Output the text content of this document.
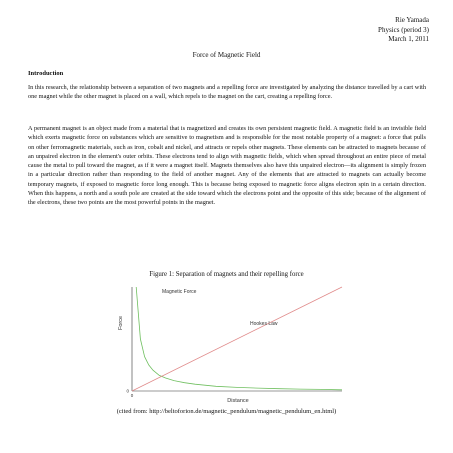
Rie Yamada
Physics (period 3)
March 1, 2011
Force of Magnetic Field
Introduction

In this research, the relationship between a separation of two magnets and a repelling force are investigated by analyzing the distance travelled by a cart with one magnet while the other magnet is placed on a wall, which repels to the magnet on the cart, creating a repelling force.

A permanent magnet is an object made from a material that is magnetized and creates its own persistent magnetic field. A magnetic field is an invisible field which exerts magnetic force on substances which are sensitive to magnetism and is responsible for the most notable property of a magnet: a force that pulls on other ferromagnetic materials, such as iron, cobalt and nickel, and attracts or repels other magnets. These elements can be attracted to magnets because of an unpaired electron in the element's outer orbits. These electrons tend to align with magnetic fields, which when spread throughout an entire piece of metal cause the metal to pull toward the magnet, as if it were a magnet itself. Magnets themselves also have this unpaired electron—its alignment is simply frozen in a particular direction rather than responding to the field of another magnet. Any of the elements that are attracted to magnets can actually become temporary magnets, if exposed to magnetic force long enough. This is because being exposed to magnetic force aligns electron spin in a certain direction. When this happens, a north and a south pole are created at the side toward which the electrons point and the opposite of this side; because of the alignment of the electrons, these two points are the most powerful points in the magnet.

Figure 1: Separation of magnets and their repelling force
0
0
Force
Distance
Magnetic Force
Hookes Law
(cited from: http://beltoforion.de/magnetic_pendulum/magnetic_pendulum_en.html)
